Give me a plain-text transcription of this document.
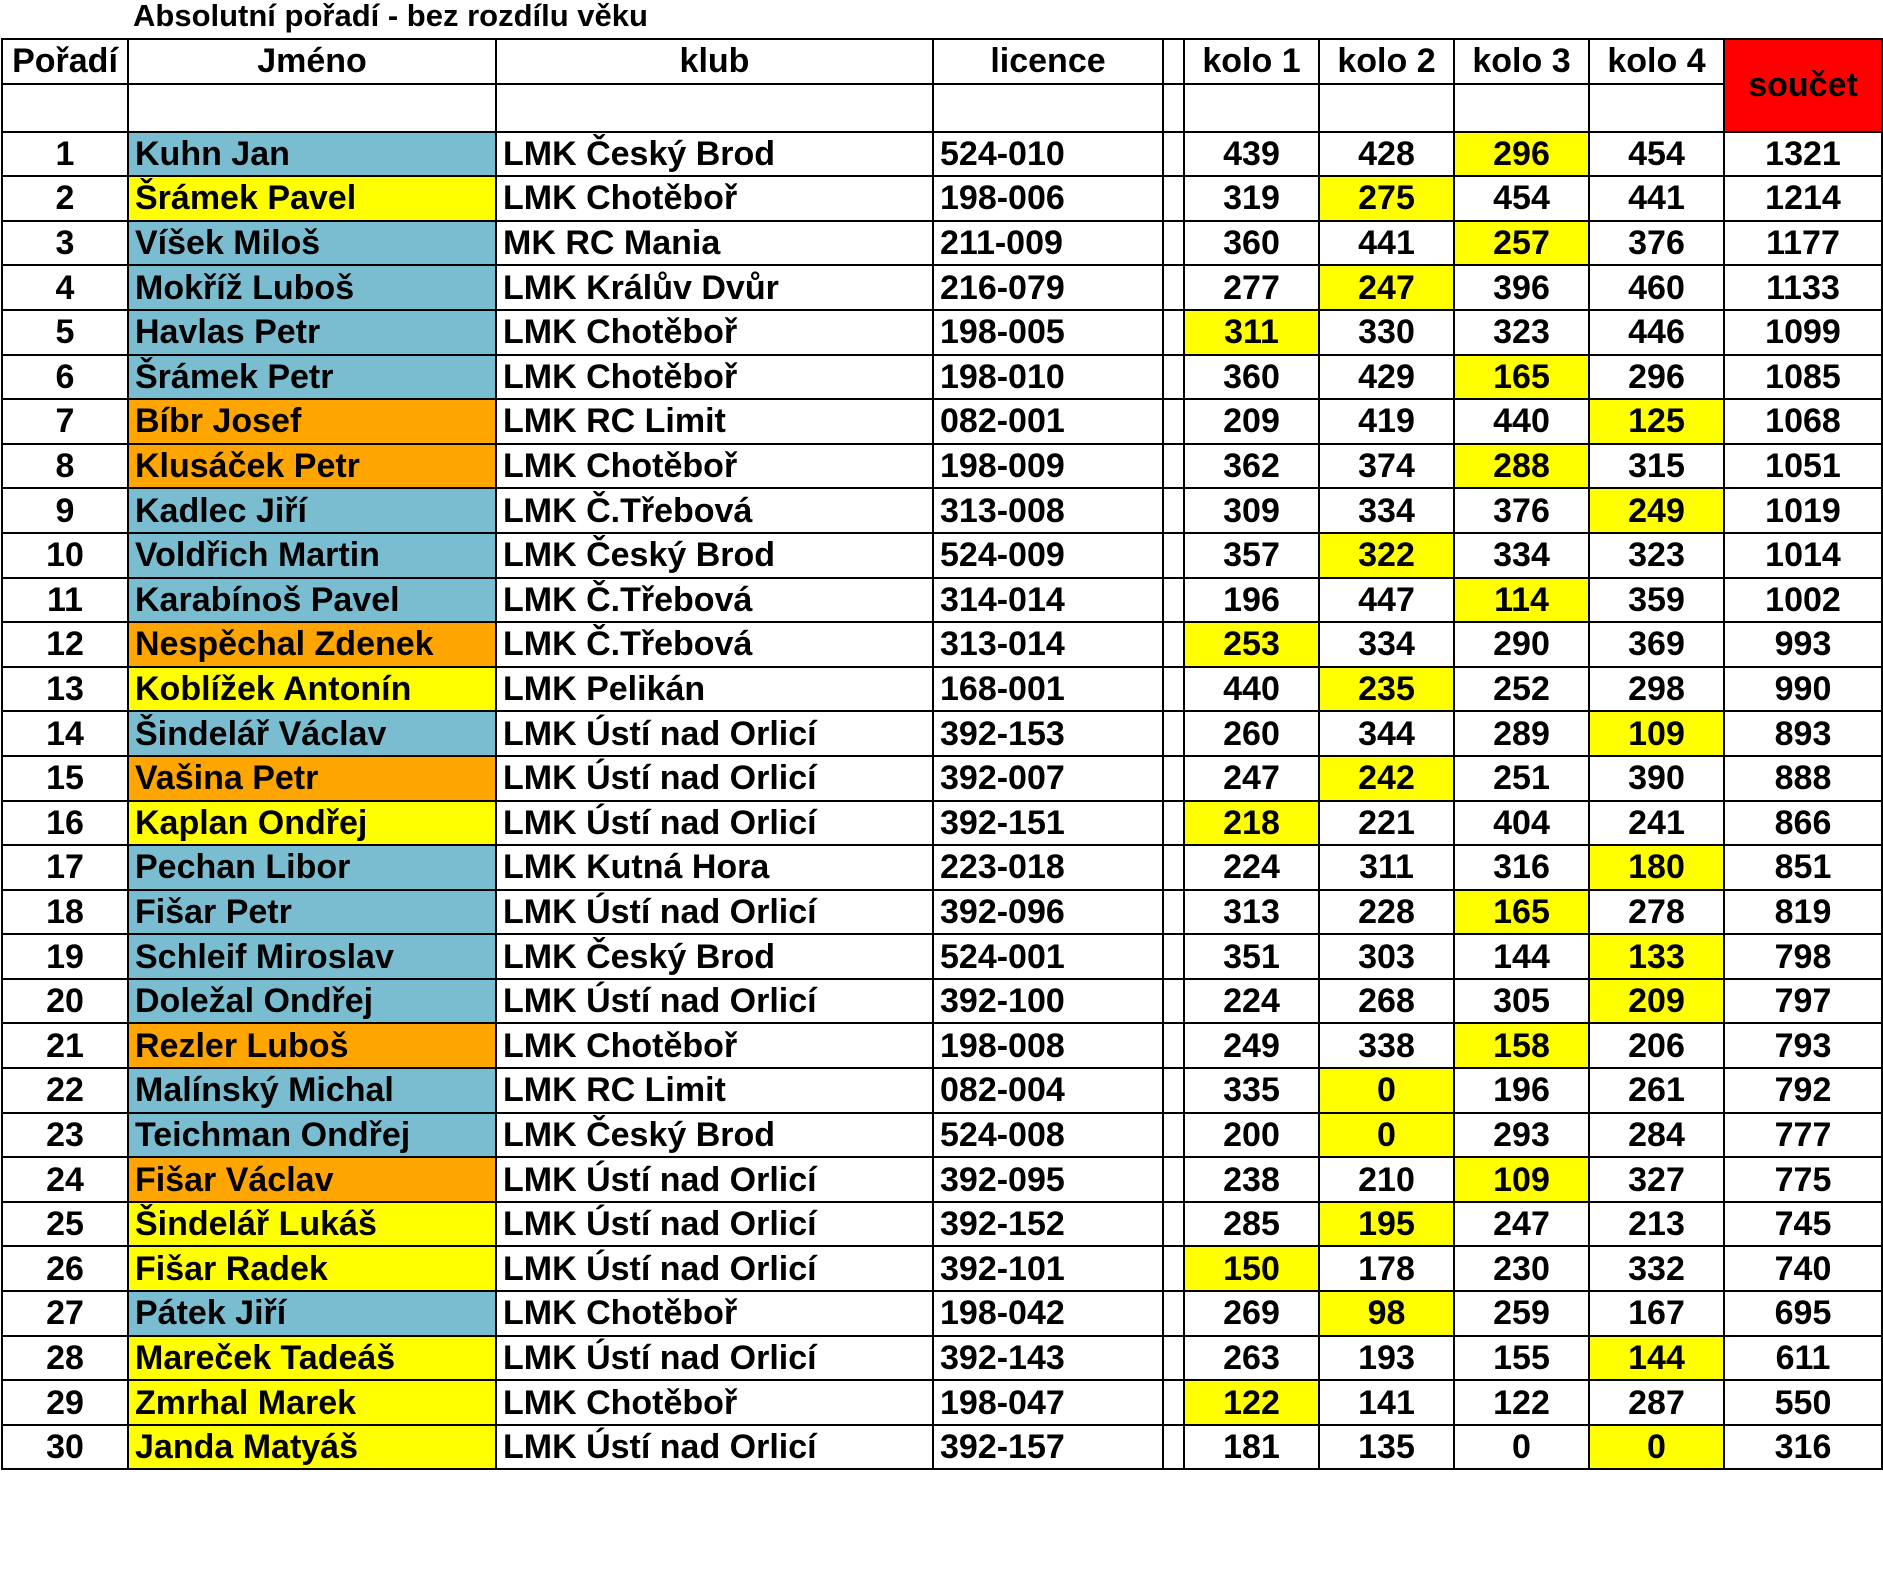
Absolutní pořadí - bez rozdílu věku
Pořadí	Jméno	klub	licence		kolo 1	kolo 2	kolo 3	kolo 4	součet

1	Kuhn Jan	LMK Český Brod	524-010		439	428	296	454	1321
2	Šrámek Pavel	LMK Chotěboř	198-006		319	275	454	441	1214
3	Víšek Miloš	MK RC Mania	211-009		360	441	257	376	1177
4	Mokříž Luboš	LMK Králův Dvůr	216-079		277	247	396	460	1133
5	Havlas Petr	LMK Chotěboř	198-005		311	330	323	446	1099
6	Šrámek Petr	LMK Chotěboř	198-010		360	429	165	296	1085
7	Bíbr Josef	LMK RC Limit	082-001		209	419	440	125	1068
8	Klusáček Petr	LMK Chotěboř	198-009		362	374	288	315	1051
9	Kadlec Jiří	LMK Č.Třebová	313-008		309	334	376	249	1019
10	Voldřich Martin	LMK Český Brod	524-009		357	322	334	323	1014
11	Karabínoš Pavel	LMK Č.Třebová	314-014		196	447	114	359	1002
12	Nespěchal Zdenek	LMK Č.Třebová	313-014		253	334	290	369	993
13	Koblížek Antonín	LMK Pelikán	168-001		440	235	252	298	990
14	Šindelář Václav	LMK Ústí nad Orlicí	392-153		260	344	289	109	893
15	Vašina Petr	LMK Ústí nad Orlicí	392-007		247	242	251	390	888
16	Kaplan Ondřej	LMK Ústí nad Orlicí	392-151		218	221	404	241	866
17	Pechan Libor	LMK Kutná Hora	223-018		224	311	316	180	851
18	Fišar Petr	LMK Ústí nad Orlicí	392-096		313	228	165	278	819
19	Schleif Miroslav	LMK Český Brod	524-001		351	303	144	133	798
20	Doležal Ondřej	LMK Ústí nad Orlicí	392-100		224	268	305	209	797
21	Rezler Luboš	LMK Chotěboř	198-008		249	338	158	206	793
22	Malínský Michal	LMK RC Limit	082-004		335	0	196	261	792
23	Teichman Ondřej	LMK Český Brod	524-008		200	0	293	284	777
24	Fišar Václav	LMK Ústí nad Orlicí	392-095		238	210	109	327	775
25	Šindelář Lukáš	LMK Ústí nad Orlicí	392-152		285	195	247	213	745
26	Fišar Radek	LMK Ústí nad Orlicí	392-101		150	178	230	332	740
27	Pátek Jiří	LMK Chotěboř	198-042		269	98	259	167	695
28	Mareček Tadeáš	LMK Ústí nad Orlicí	392-143		263	193	155	144	611
29	Zmrhal Marek	LMK Chotěboř	198-047		122	141	122	287	550
30	Janda Matyáš	LMK Ústí nad Orlicí	392-157		181	135	0	0	316
